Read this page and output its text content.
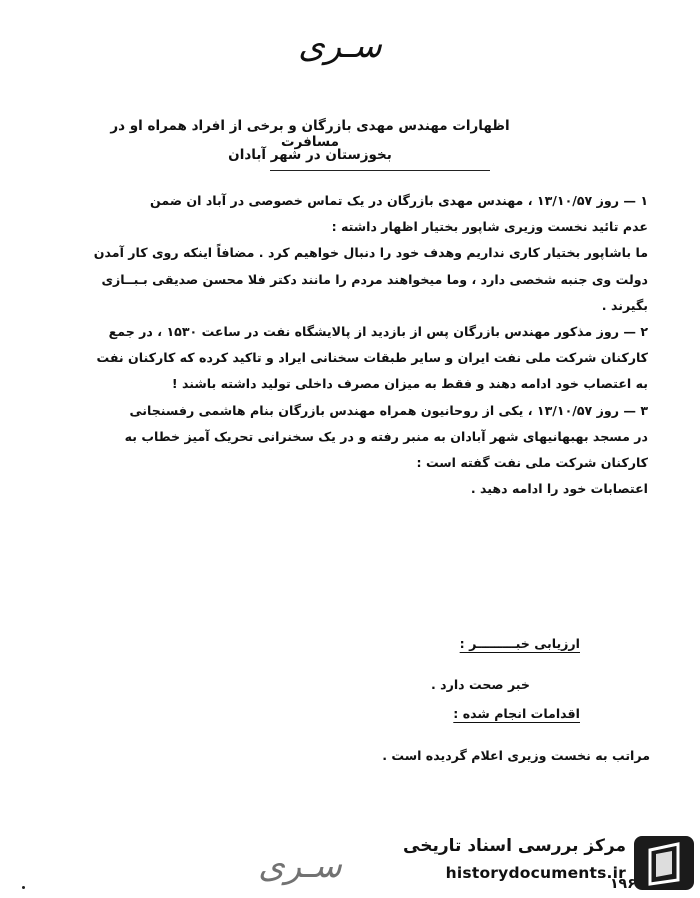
سـری
اظهارات مهندس مهدی بازرگان و برخی از افراد همراه او در مسافرت
بخوزستان در شهر آبادان
۱ — روز ۱۳/۱۰/۵۷ ، مهندس مهدی بازرگان در یک تماس خصوصی در آباد ان ضمن
عدم تائید نخست وزیری شاپور بختیار اظهار داشته :
ما باشاپور بختیار کاری نداریم وهدف خود را دنبال خواهیم کرد . مضافاً اینکه روی کار آمدن
دولت وی جنبه شخصی دارد ، وما میخواهند مردم را مانند دکتر فلا محسن صدیقی بـبــازی
بگیرند .
۲ — روز مذکور مهندس بازرگان پس از بازدید از پالایشگاه نفت در ساعت ۱۵۳۰ ، در جمع
کارکنان شرکت ملی نفت ایران و سایر طبقات سخنانی ایراد و تاکید کرده که کارکنان نفت
به اعتصاب خود ادامه دهند و فقط به میزان مصرف داخلی تولید داشته باشند !
۳ — روز ۱۳/۱۰/۵۷ ، یکی از روحانیون همراه مهندس بازرگان بنام هاشمی رفسنجانی
در مسجد بهبهانیهای شهر آبادان به منبر رفته و در یک سخنرانی تحریک آمیز خطاب به
کارکنان شرکت ملی نفت گفته است :
اعتصابات خود را ادامه دهید .
ارزیابی خبـــــــــر :
خبر صحت دارد .
اقدامات انجام شده :
مراتب به نخست وزیری اعلام گردیده است .
سـری	مرکز بررسی اسناد تاریخی
historydocuments.ir
۱۹۶
